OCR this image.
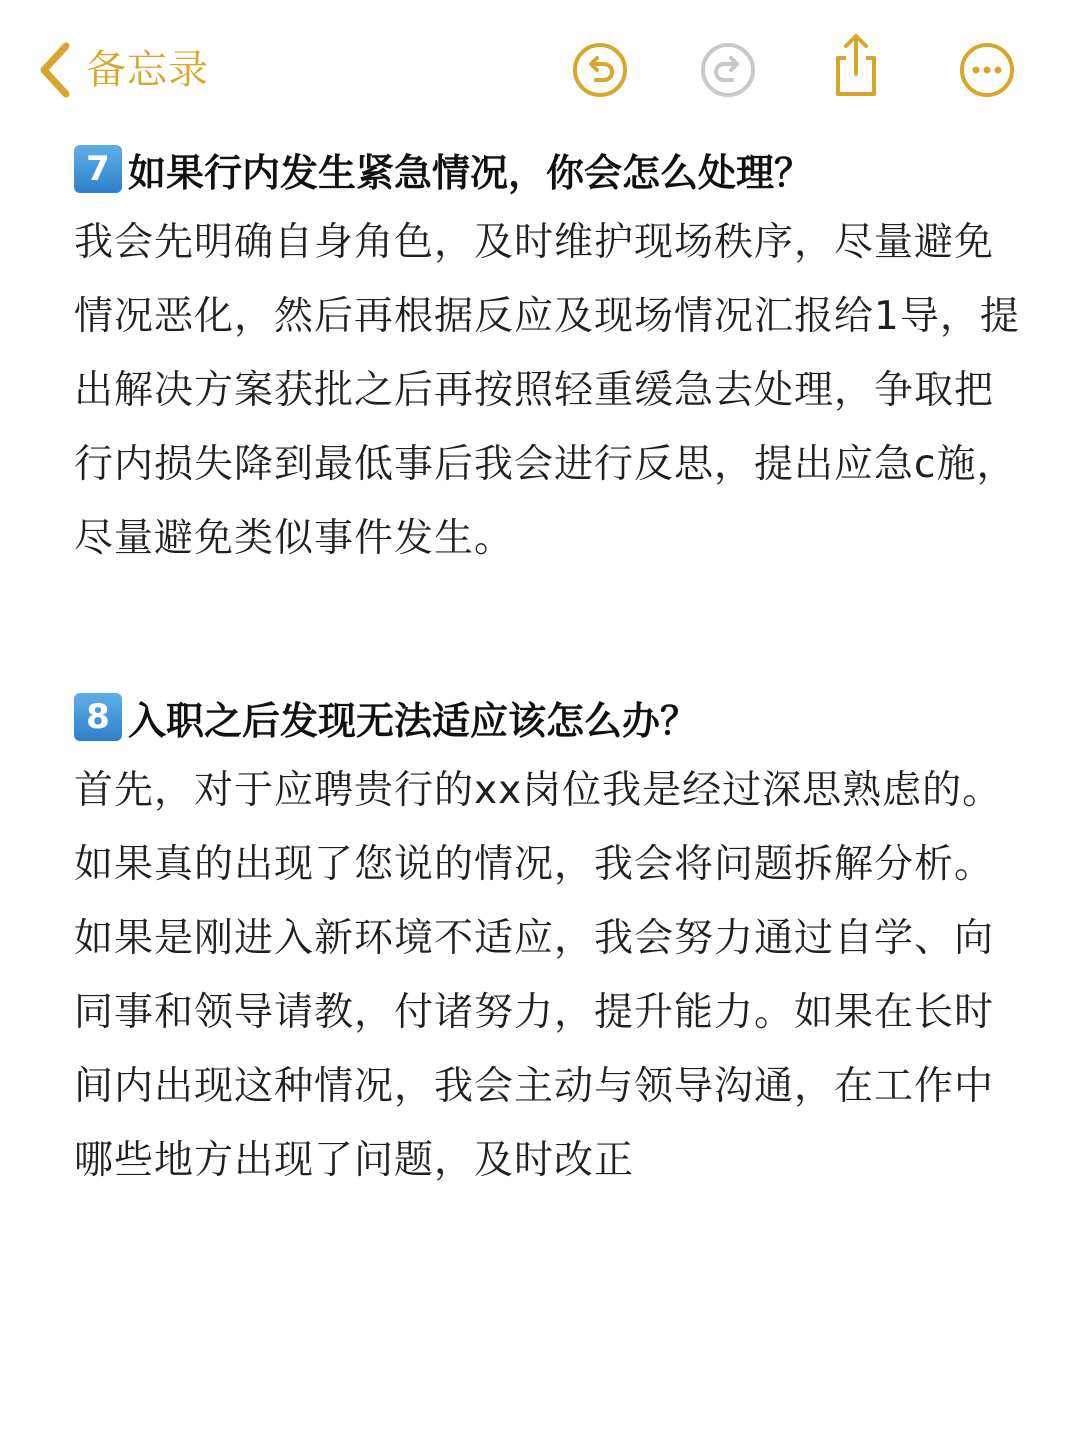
备忘录
7 如果行内发生紧急情况，你会怎么处理？

我会先明确自身角色，及时维护现场秩序，尽量避免情况恶化，然后再根据反应及现场情况汇报给1导，提出解决方案获批之后再按照轻重缓急去处理，争取把行内损失降到最低事后我会进行反思，提出应急c施，尽量避免类似事件发生。

8 入职之后发现无法适应该怎么办？

首先，对于应聘贵行的xx岗位我是经过深思熟虑的。如果真的出现了您说的情况，我会将问题拆解分析。如果是刚进入新环境不适应，我会努力通过自学、向同事和领导请教，付诸努力，提升能力。如果在长时间内出现这种情况，我会主动与领导沟通，在工作中哪些地方出现了问题，及时改正
